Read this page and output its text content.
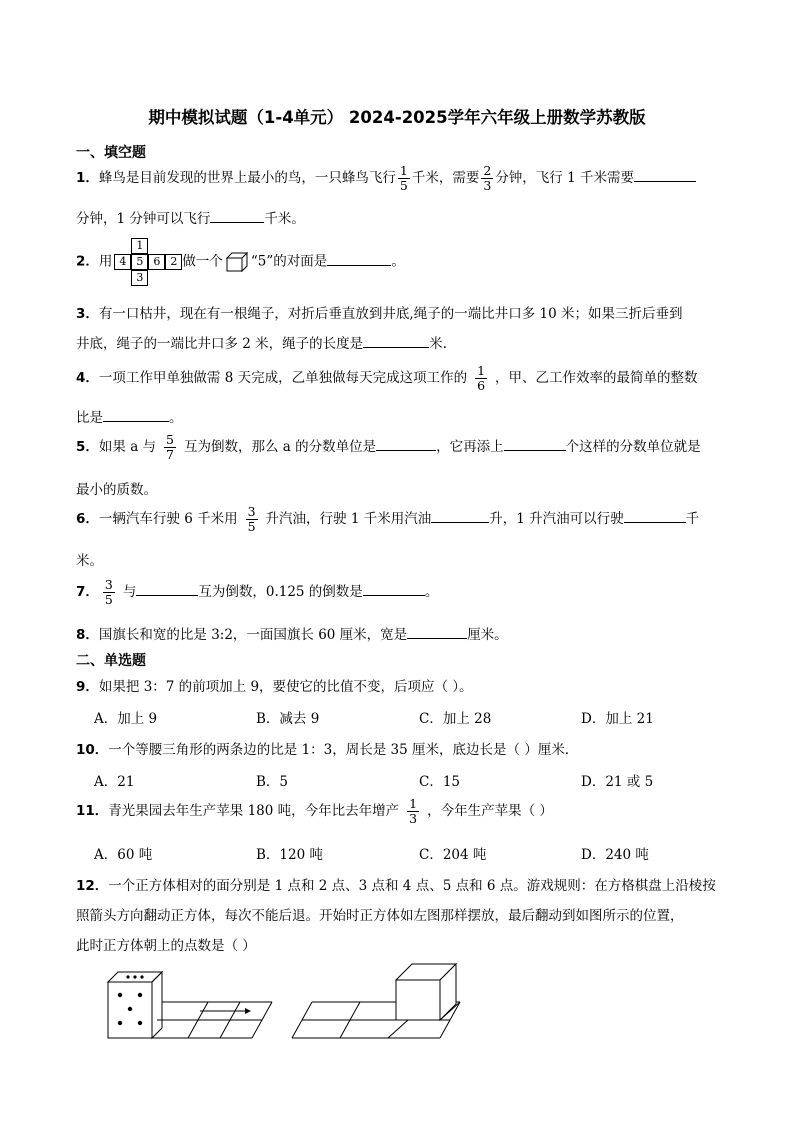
期中模拟试题（1-4单元） 2024-2025学年六年级上册数学苏教版
一、填空题
1．蜂鸟是目前发现的世界上最小的鸟，一只蜂鸟飞行 $\frac{1}{5}$ 千米，需要 $\frac{2}{3}$ 分钟，飞行 1 千米需要
分钟，1 分钟可以飞行	千米。
2．用
1
4 5 6 2
3
做一个 “5”的对面是	。
3．有一口枯井，现在有一根绳子，对折后垂直放到井底,绳子的一端比井口多 10 米；如果三折后垂到
井底，绳子的一端比井口多 2 米，绳子的长度是	米.
4．一项工作甲单独做需 8 天完成，乙单独做每天完成这项工作的 $\frac{1}{6}$ ，甲、乙工作效率的最简单的整数
比是	。
5．如果 a 与 $\frac{5}{7}$ 互为倒数，那么 a 的分数单位是	，它再添上	个这样的分数单位就是
最小的质数。
6．一辆汽车行驶 6 千米用 $\frac{3}{5}$ 升汽油，行驶 1 千米用汽油	升，1 升汽油可以行驶	千
米。
7． $\frac{3}{5}$ 与	互为倒数，0.125 的倒数是	。
8．国旗长和宽的比是 3:2，一面国旗长 60 厘米，宽是	厘米。
二、单选题
9．如果把 3：7 的前项加上 9，要使它的比值不变，后项应（ ）。
A．加上 9	B．减去 9	C．加上 28	D．加上 21
10．一个等腰三角形的两条边的比是 1：3，周长是 35 厘米，底边长是（ ）厘米．
A．21	B．5	C．15	D．21 或 5
11．青光果园去年生产苹果 180 吨，今年比去年增产 $\frac{1}{3}$ ，今年生产苹果（ ）
A．60 吨	B．120 吨	C．204 吨	D．240 吨
12．一个正方体相对的面分别是 1 点和 2 点、3 点和 4 点、5 点和 6 点。游戏规则：在方格棋盘上沿棱按
照箭头方向翻动正方体，每次不能后退。开始时正方体如左图那样摆放，最后翻动到如图所示的位置，
此时正方体朝上的点数是（ ）
